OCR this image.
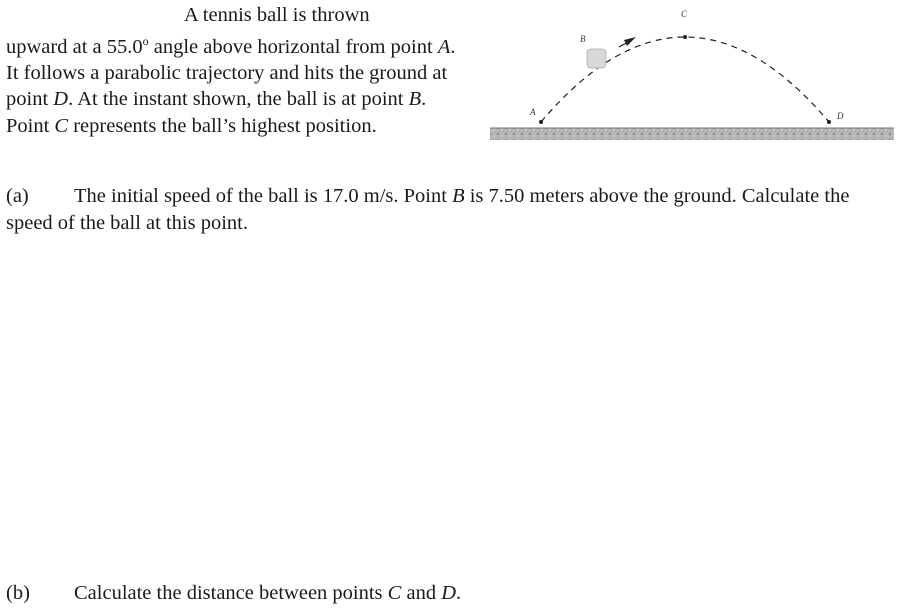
A tennis ball is thrown
upward at a 55.0$^o$ angle above horizontal from point A. It follows a parabolic trajectory and hits the ground at point D. At the instant shown, the ball is at point B. Point C represents the ball’s highest position.
A
B
C
D
(a) The initial speed of the ball is 17.0 m/s. Point B is 7.50 meters above the ground. Calculate the speed of the ball at this point.
(b) Calculate the distance between points C and D.
